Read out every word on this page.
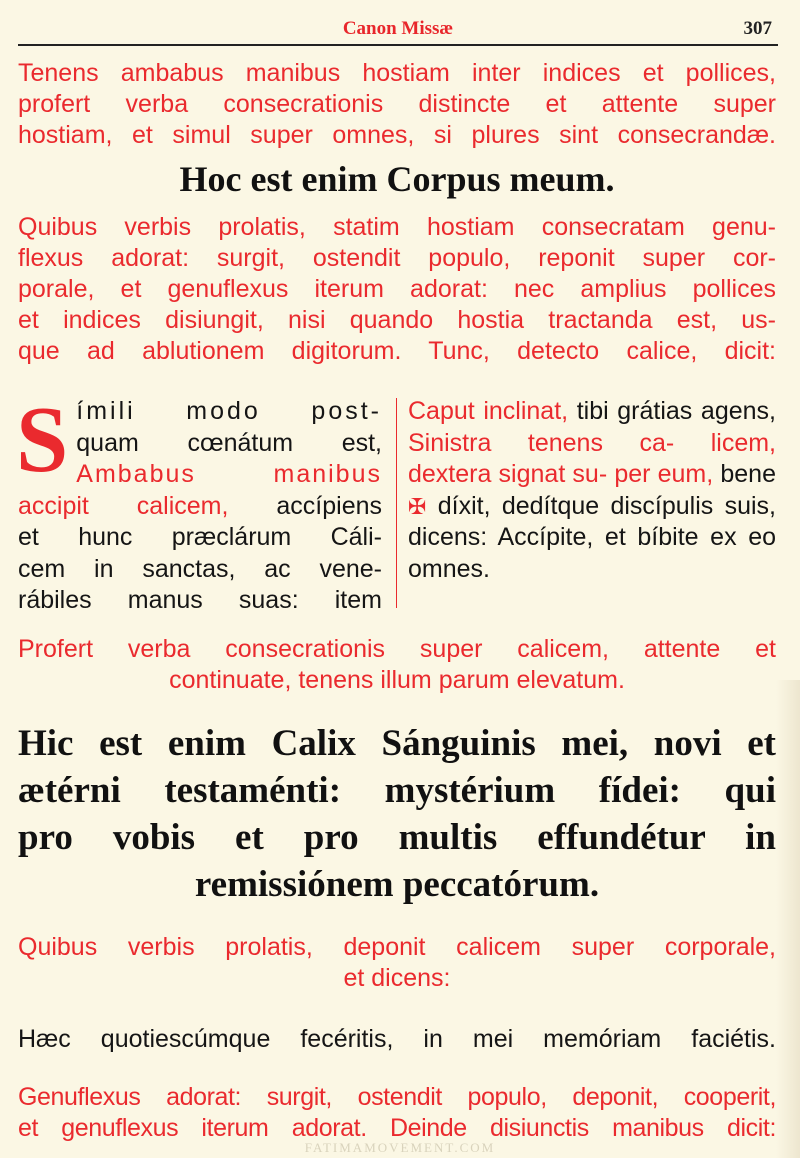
Canon Missæ	307
Tenens ambabus manibus hostiam inter indices et pollices,
profert verba consecrationis distincte et attente super
hostiam, et simul super omnes, si plures sint consecrandæ.
Hoc est enim Corpus meum.
Quibus verbis prolatis, statim hostiam consecratam genu-
flexus adorat: surgit, ostendit populo, reponit super cor-
porale, et genuflexus iterum adorat: nec amplius pollices
et indices disiungit, nisi quando hostia tractanda est, us-
que ad ablutionem digitorum. Tunc, detecto calice, dicit:
S ímili modo post-
quam cœnátum est,
Ambabus manibus
accipit calicem, accípiens
et hunc præclárum Cáli-
cem in sanctas, ac vene-
rábiles manus suas: item
Caput inclinat, tibi grátias agens, Sinistra tenens ca- licem, dextera signat su- per eum, bene ✠ díxit, dedítque discípulis suis, dicens: Accípite, et bíbite ex eo omnes.
Profert verba consecrationis super calicem, attente et
continuate, tenens illum parum elevatum.
Hic est enim Calix Sánguinis mei, novi et
ætérni testaménti: mystérium fídei: qui
pro vobis et pro multis effundétur in
remissiónem peccatórum.
Quibus verbis prolatis, deponit calicem super corporale,
et dicens:
Hæc quotiescúmque fecéritis, in mei memóriam faciétis.
Genuflexus adorat: surgit, ostendit populo, deponit, cooperit,
et genuflexus iterum adorat. Deinde disiunctis manibus dicit:
FATIMAMOVEMENT.COM
